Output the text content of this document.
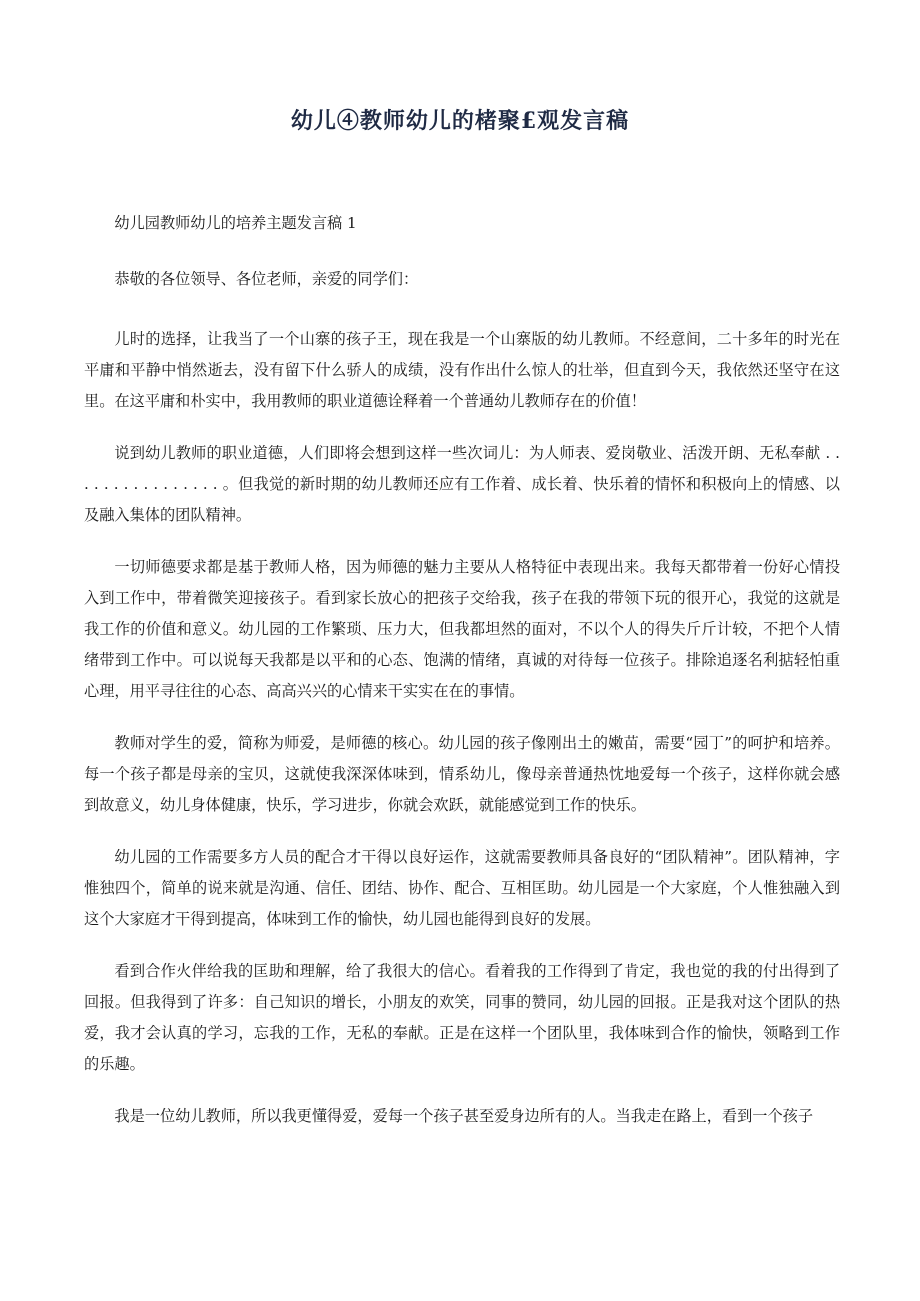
幼儿④教师幼儿的楮聚£观发言稿

幼儿园教师幼儿的培养主题发言稿 1

恭敬的各位领导、各位老师，亲爱的同学们：

儿时的选择，让我当了一个山寨的孩子王，现在我是一个山寨版的幼儿教师。不经意间，二十多年的时光在平庸和平静中悄然逝去，没有留下什么骄人的成绩，没有作出什么惊人的壮举，但直到今天，我依然还坚守在这里。在这平庸和朴实中，我用教师的职业道德诠释着一个普通幼儿教师存在的价值！

说到幼儿教师的职业道德，人们即将会想到这样一些次词儿：为人师表、爱岗敬业、活泼开朗、无私奉献 . . . . . . . . . . . . . . . . 。但我觉的新时期的幼儿教师还应有工作着、成长着、快乐着的情怀和积极向上的情感、以及融入集体的团队精神。

一切师德要求都是基于教师人格，因为师德的魅力主要从人格特征中表现出来。我每天都带着一份好心情投入到工作中，带着微笑迎接孩子。看到家长放心的把孩子交给我，孩子在我的带领下玩的很开心，我觉的这就是我工作的价值和意义。幼儿园的工作繁琐、压力大，但我都坦然的面对，不以个人的得失斤斤计较，不把个人情绪带到工作中。可以说每天我都是以平和的心态、饱满的情绪，真诚的对待每一位孩子。排除追逐名利掂轻怕重心理，用平寻往往的心态、高高兴兴的心情来干实实在在的事情。

教师对学生的爱，简称为师爱，是师德的核心。幼儿园的孩子像刚出土的嫩苗，需要“园丁”的呵护和培养。每一个孩子都是母亲的宝贝，这就使我深深体味到，情系幼儿，像母亲普通热忱地爱每一个孩子，这样你就会感到故意义，幼儿身体健康，快乐，学习进步，你就会欢跃，就能感觉到工作的快乐。

幼儿园的工作需要多方人员的配合才干得以良好运作，这就需要教师具备良好的“团队精神”。团队精神，字惟独四个，简单的说来就是沟通、信任、团结、协作、配合、互相匡助。幼儿园是一个大家庭，个人惟独融入到这个大家庭才干得到提高，体味到工作的愉快，幼儿园也能得到良好的发展。

看到合作火伴给我的匡助和理解，给了我很大的信心。看着我的工作得到了肯定，我也觉的我的付出得到了回报。但我得到了许多：自己知识的增长，小朋友的欢笑，同事的赞同，幼儿园的回报。正是我对这个团队的热爱，我才会认真的学习，忘我的工作，无私的奉献。正是在这样一个团队里，我体味到合作的愉快，领略到工作的乐趣。

我是一位幼儿教师，所以我更懂得爱，爱每一个孩子甚至爱身边所有的人。当我走在路上，看到一个孩子
